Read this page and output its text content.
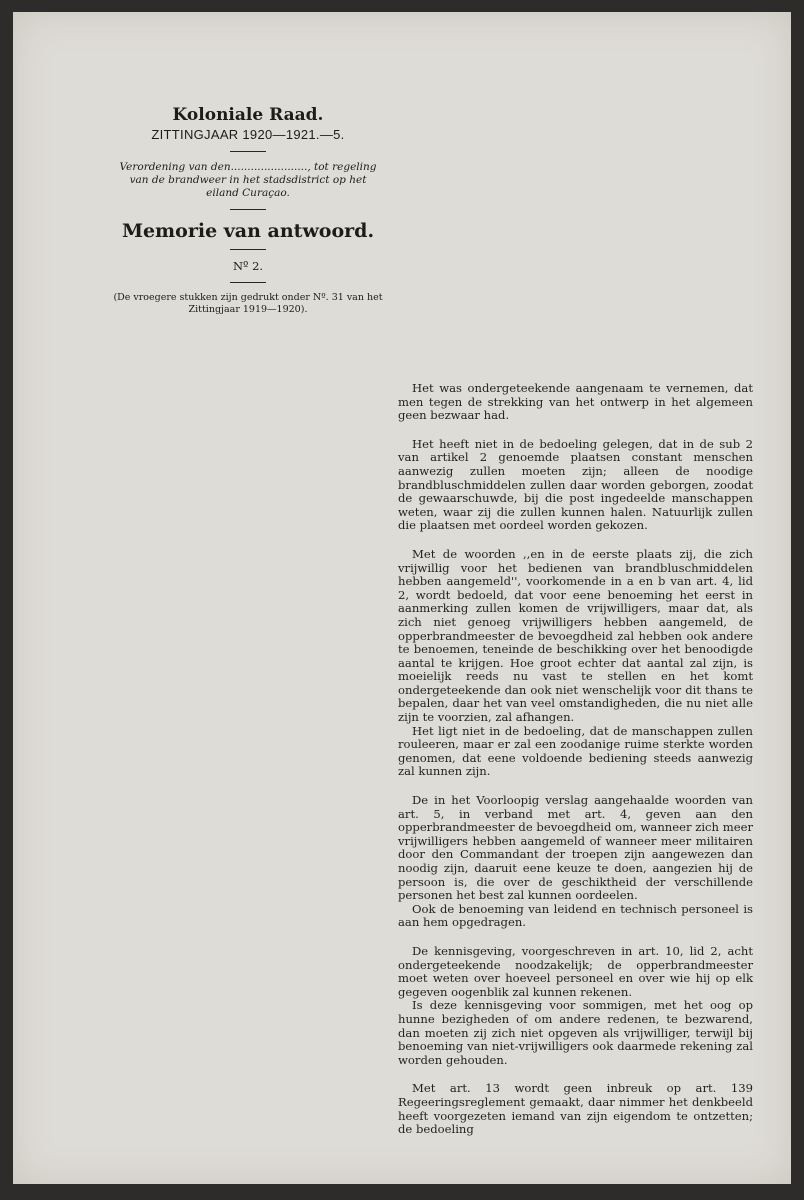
Koloniale Raad.
ZITTINGJAAR 1920—1921.—5.
Verordening van den......................., tot regeling van de brandweer in het stadsdistrict op het eiland Curaçao.
Memorie van antwoord.
Nº 2.
(De vroegere stukken zijn gedrukt onder Nº. 31 van het Zittingjaar 1919—1920).

Het was ondergeteekende aangenaam te vernemen, dat men tegen de strekking van het ontwerp in het algemeen geen bezwaar had.

Het heeft niet in de bedoeling gelegen, dat in de sub 2 van artikel 2 genoemde plaatsen constant menschen aanwezig zullen moeten zijn; alleen de noodige brandbluschmiddelen zullen daar worden geborgen, zoodat de gewaarschuwde, bij die post ingedeelde manschappen weten, waar zij die zullen kunnen halen. Natuurlijk zullen die plaatsen met oordeel worden gekozen.

Met de woorden ,,en in de eerste plaats zij, die zich vrijwillig voor het bedienen van brandbluschmiddelen hebben aangemeld'', voorkomende in a en b van art. 4, lid 2, wordt bedoeld, dat voor eene benoeming het eerst in aanmerking zullen komen de vrijwilligers, maar dat, als zich niet genoeg vrijwilligers hebben aangemeld, de opperbrandmeester de bevoegdheid zal hebben ook andere te benoemen, teneinde de beschikking over het benoodigde aantal te krijgen. Hoe groot echter dat aantal zal zijn, is moeielijk reeds nu vast te stellen en het komt ondergeteekende dan ook niet wenschelijk voor dit thans te bepalen, daar het van veel omstandigheden, die nu niet alle zijn te voorzien, zal afhangen.

Het ligt niet in de bedoeling, dat de manschappen zullen rouleeren, maar er zal een zoodanige ruime sterkte worden genomen, dat eene voldoende bediening steeds aanwezig zal kunnen zijn.

De in het Voorloopig verslag aangehaalde woorden van art. 5, in verband met art. 4, geven aan den opperbrandmeester de bevoegdheid om, wanneer zich meer vrijwilligers hebben aangemeld of wanneer meer militairen door den Commandant der troepen zijn aangewezen dan noodig zijn, daaruit eene keuze te doen, aangezien hij de persoon is, die over de geschiktheid der verschillende personen het best zal kunnen oordeelen.

Ook de benoeming van leidend en technisch personeel is aan hem opgedragen.

De kennisgeving, voorgeschreven in art. 10, lid 2, acht ondergeteekende noodzakelijk; de opperbrandmeester moet weten over hoeveel personeel en over wie hij op elk gegeven oogenblik zal kunnen rekenen.

Is deze kennisgeving voor sommigen, met het oog op hunne bezigheden of om andere redenen, te bezwarend, dan moeten zij zich niet opgeven als vrijwilliger, terwijl bij benoeming van niet-vrijwilligers ook daarmede rekening zal worden gehouden.

Met art. 13 wordt geen inbreuk op art. 139 Regeeringsreglement gemaakt, daar nimmer het denkbeeld heeft voorgezeten iemand van zijn eigendom te ontzetten; de bedoeling
